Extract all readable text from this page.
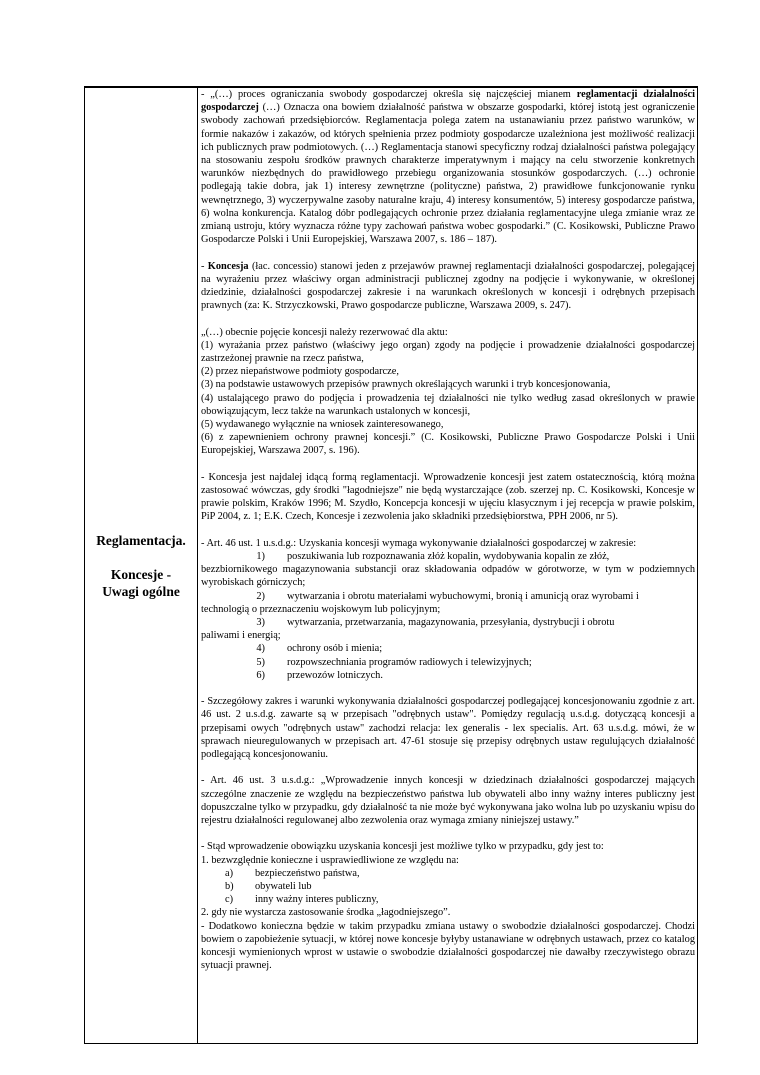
Reglamentacja.
Koncesje -
Uwagi ogólne

- „(…) proces ograniczania swobody gospodarczej określa się najczęściej mianem reglamentacji działalności gospodarczej (…) Oznacza ona bowiem działalność państwa w obszarze gospodarki, której istotą jest ograniczenie swobody zachowań przedsiębiorców. Reglamentacja polega zatem na ustanawianiu przez państwo warunków, w formie nakazów i zakazów, od których spełnienia przez podmioty gospodarcze uzależniona jest możliwość realizacji ich publicznych praw podmiotowych. (…) Reglamentacja stanowi specyficzny rodzaj działalności państwa polegający na stosowaniu zespołu środków prawnych charakterze imperatywnym i mający na celu stworzenie konkretnych warunków niezbędnych do prawidłowego przebiegu organizowania stosunków gospodarczych. (…) ochronie podlegają takie dobra, jak 1) interesy zewnętrzne (polityczne) państwa, 2) prawidłowe funkcjonowanie rynku wewnętrznego, 3) wyczerpywalne zasoby naturalne kraju, 4) interesy konsumentów, 5) interesy gospodarcze państwa, 6) wolna konkurencja. Katalog dóbr podlegających ochronie przez działania reglamentacyjne ulega zmianie wraz ze zmianą ustroju, który wyznacza różne typy zachowań państwa wobec gospodarki.” (C. Kosikowski, Publiczne Prawo Gospodarcze Polski i Unii Europejskiej, Warszawa 2007, s. 186 – 187).

- Koncesja (łac. concessio) stanowi jeden z przejawów prawnej reglamentacji działalności gospodarczej, polegającej na wyrażeniu przez właściwy organ administracji publicznej zgodny na podjęcie i wykonywanie, w określonej dziedzinie, działalności gospodarczej zakresie i na warunkach określonych w koncesji i odrębnych przepisach prawnych (za: K. Strzyczkowski, Prawo gospodarcze publiczne, Warszawa 2009, s. 247).

„(…) obecnie pojęcie koncesji należy rezerwować dla aktu:

(1) wyrażania przez państwo (właściwy jego organ) zgody na podjęcie i prowadzenie działalności gospodarczej zastrzeżonej prawnie na rzecz państwa,

(2) przez niepaństwowe podmioty gospodarcze,

(3) na podstawie ustawowych przepisów prawnych określających warunki i tryb koncesjonowania,

(4) ustalającego prawo do podjęcia i prowadzenia tej działalności nie tylko według zasad określonych w prawie obowiązującym, lecz także na warunkach ustalonych w koncesji,

(5) wydawanego wyłącznie na wniosek zainteresowanego,

(6) z zapewnieniem ochrony prawnej koncesji.” (C. Kosikowski, Publiczne Prawo Gospodarcze Polski i Unii Europejskiej, Warszawa 2007, s. 196).

- Koncesja jest najdalej idącą formą reglamentacji. Wprowadzenie koncesji jest zatem ostatecznością, którą można zastosować wówczas, gdy środki "łagodniejsze" nie będą wystarczające (zob. szerzej np. C. Kosikowski, Koncesje w prawie polskim, Kraków 1996; M. Szydło, Koncepcja koncesji w ujęciu klasycznym i jej recepcja w prawie polskim, PiP 2004, z. 1; E.K. Czech, Koncesje i zezwolenia jako składniki przedsiębiorstwa, PPH 2006, nr 5).

- Art. 46 ust. 1 u.s.d.g.: Uzyskania koncesji wymaga wykonywanie działalności gospodarczej w zakresie:

1)	poszukiwania lub rozpoznawania złóż kopalin, wydobywania kopalin ze złóż,

bezzbiornikowego magazynowania substancji oraz składowania odpadów w górotworze, w tym w podziemnych wyrobiskach górniczych;

2)	wytwarzania i obrotu materiałami wybuchowymi, bronią i amunicją oraz wyrobami i

technologią o przeznaczeniu wojskowym lub policyjnym;

3)	wytwarzania, przetwarzania, magazynowania, przesyłania, dystrybucji i obrotu

paliwami i energią;

4)	ochrony osób i mienia;
5)	rozpowszechniania programów radiowych i telewizyjnych;
6)	przewozów lotniczych.

- Szczegółowy zakres i warunki wykonywania działalności gospodarczej podlegającej koncesjonowaniu zgodnie z art. 46 ust. 2 u.s.d.g. zawarte są w przepisach "odrębnych ustaw". Pomiędzy regulacją u.s.d.g. dotyczącą koncesji a przepisami owych "odrębnych ustaw" zachodzi relacja: lex generalis - lex specialis. Art. 63 u.s.d.g. mówi, że w sprawach nieuregulowanych w przepisach art. 47-61 stosuje się przepisy odrębnych ustaw regulujących działalność podlegającą koncesjonowaniu.

- Art. 46 ust. 3 u.s.d.g.: „Wprowadzenie innych koncesji w dziedzinach działalności gospodarczej mających szczególne znaczenie ze względu na bezpieczeństwo państwa lub obywateli albo inny ważny interes publiczny jest dopuszczalne tylko w przypadku, gdy działalność ta nie może być wykonywana jako wolna lub po uzyskaniu wpisu do rejestru działalności regulowanej albo zezwolenia oraz wymaga zmiany niniejszej ustawy.”

- Stąd wprowadzenie obowiązku uzyskania koncesji jest możliwe tylko w przypadku, gdy jest to:

1. bezwzględnie konieczne i usprawiedliwione ze względu na:

a)	bezpieczeństwo państwa,
b)	obywateli lub
c)	inny ważny interes publiczny,

2. gdy nie wystarcza zastosowanie środka „łagodniejszego”.

- Dodatkowo konieczna będzie w takim przypadku zmiana ustawy o swobodzie działalności gospodarczej. Chodzi bowiem o zapobieżenie sytuacji, w której nowe koncesje byłyby ustanawiane w odrębnych ustawach, przez co katalog koncesji wymienionych wprost w ustawie o swobodzie działalności gospodarczej nie dawałby rzeczywistego obrazu sytuacji prawnej.
